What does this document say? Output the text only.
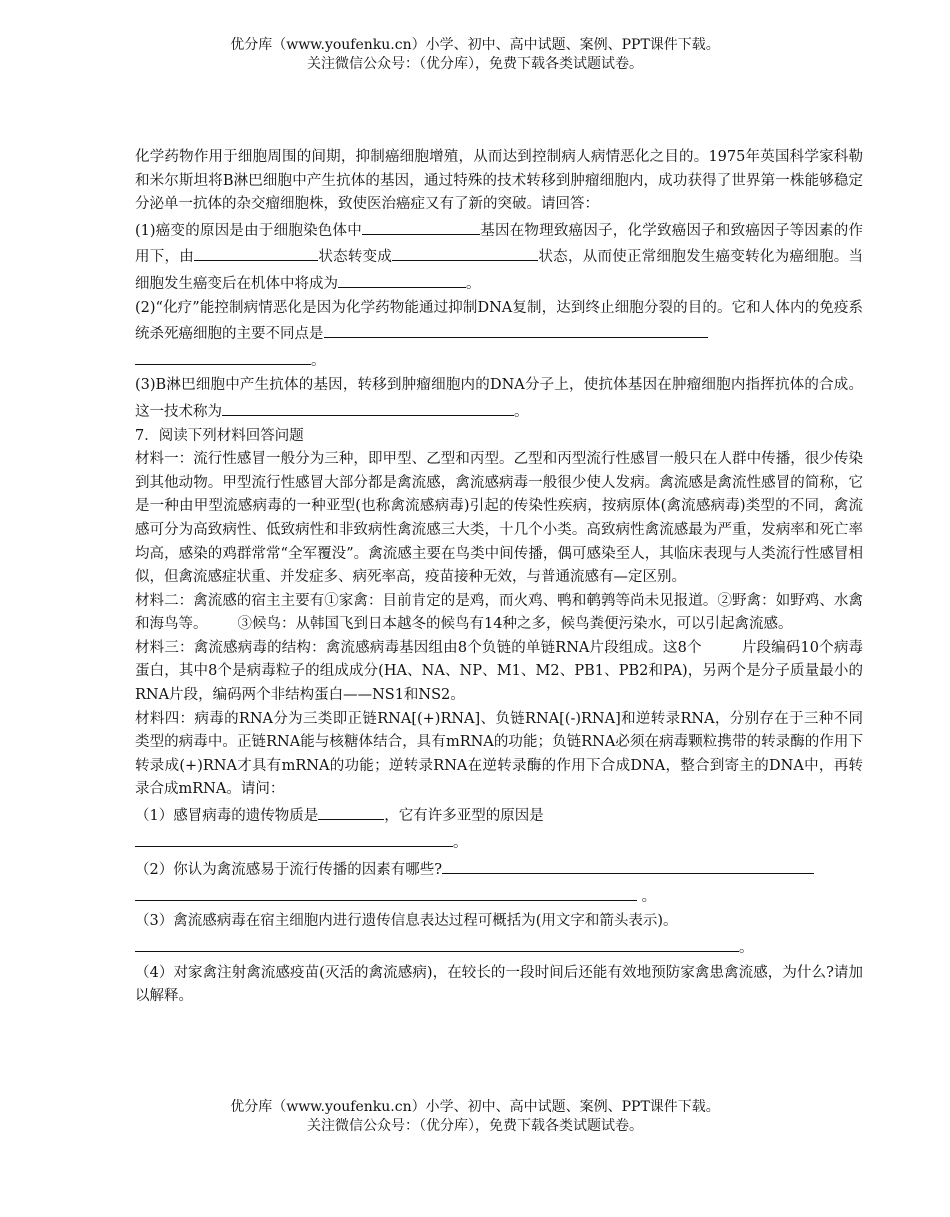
优分库（www.youfenku.cn）小学、初中、高中试题、案例、PPT课件下载。
关注微信公众号：（优分库），免费下载各类试题试卷。
化学药物作用于细胞周围的间期，抑制癌细胞增殖，从而达到控制病人病情恶化之目的。1975年英国科学家科勒和米尔斯坦将B淋巴细胞中产生抗体的基因，通过特殊的技术转移到肿瘤细胞内，成功获得了世界第一株能够稳定分泌单一抗体的杂交瘤细胞株，致使医治癌症又有了新的突破。请回答：
(1)癌变的原因是由于细胞染色体中	基因在物理致癌因子，化学致癌因子和致癌因子等因素的作用下，由	状态转变成	状态，从而使正常细胞发生癌变转化为癌细胞。当细胞发生癌变后在机体中将成为	。
(2)“化疗”能控制病情恶化是因为化学药物能通过抑制DNA复制，达到终止细胞分裂的目的。它和人体内的免疫系统杀死癌细胞的主要不同点是
。
(3)B淋巴细胞中产生抗体的基因，转移到肿瘤细胞内的DNA分子上，使抗体基因在肿瘤细胞内指挥抗体的合成。这一技术称为	。
7．阅读下列材料回答问题
材料一：流行性感冒一般分为三种，即甲型、乙型和丙型。乙型和丙型流行性感冒一般只在人群中传播，很少传染到其他动物。甲型流行性感冒大部分都是禽流感，禽流感病毒一般很少使人发病。禽流感是禽流性感冒的简称，它是一种由甲型流感病毒的一种亚型(也称禽流感病毒)引起的传染性疾病，按病原体(禽流感病毒)类型的不同，禽流感可分为高致病性、低致病性和非致病性禽流感三大类，十几个小类。高致病性禽流感最为严重，发病率和死亡率均高，感染的鸡群常常“全军覆没”。禽流感主要在鸟类中间传播，偶可感染至人，其临床表现与人类流行性感冒相似，但禽流感症状重、并发症多、病死率高，疫苗接种无效，与普通流感有—定区别。
材料二：禽流感的宿主主要有①家禽：目前肯定的是鸡，而火鸡、鸭和鹌鹑等尚未见报道。②野禽：如野鸡、水禽和海鸟等。 ③候鸟：从韩国飞到日本越冬的候鸟有14种之多，候鸟粪便污染水，可以引起禽流感。
材料三：禽流感病毒的结构：禽流感病毒基因组由8个负链的单链RNA片段组成。这8个	片段编码10个病毒蛋白，其中8个是病毒粒子的组成成分(HA、NA、NP、M1、M2、PB1、PB2和PA)，另两个是分子质量最小的RNA片段，编码两个非结构蛋白——NS1和NS2。
材料四：病毒的RNA分为三类即正链RNA[(+)RNA]、负链RNA[(-)RNA]和逆转录RNA，分别存在于三种不同类型的病毒中。正链RNA能与核糖体结合，具有mRNA的功能；负链RNA必须在病毒颗粒携带的转录酶的作用下转录成(+)RNA才具有mRNA的功能；逆转录RNA在逆转录酶的作用下合成DNA，整合到寄主的DNA中，再转录合成mRNA。请问：
（1）感冒病毒的遗传物质是	，它有许多亚型的原因是
。
（2）你认为禽流感易于流行传播的因素有哪些?
。
（3）禽流感病毒在宿主细胞内进行遗传信息表达过程可概括为(用文字和箭头表示)。
。
（4）对家禽注射禽流感疫苗(灭活的禽流感病)，在较长的一段时间后还能有效地预防家禽患禽流感，为什么?请加以解释。
优分库（www.youfenku.cn）小学、初中、高中试题、案例、PPT课件下载。
关注微信公众号：（优分库），免费下载各类试题试卷。
